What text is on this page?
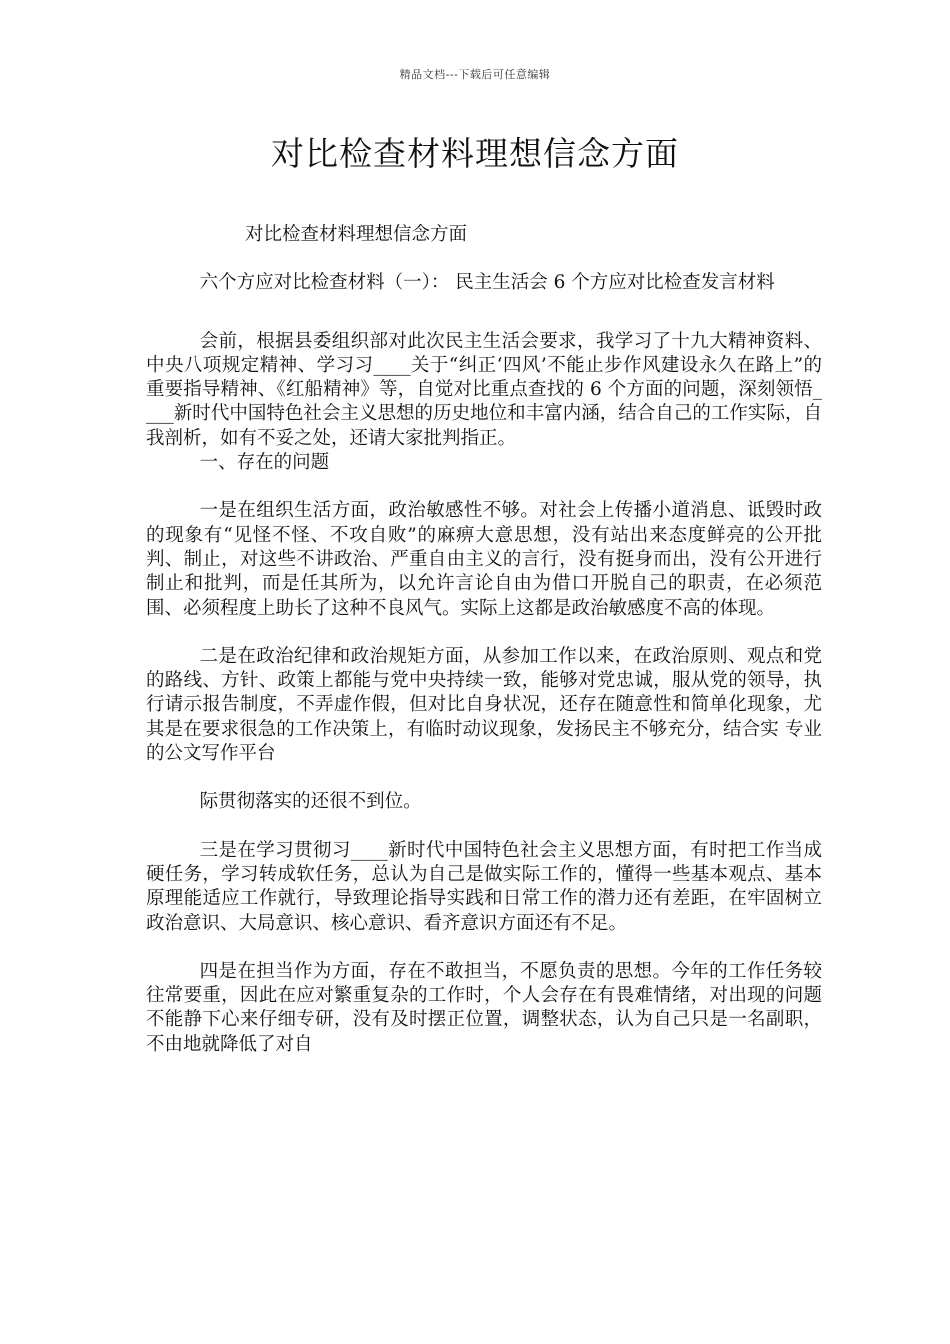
精品文档---下载后可任意编辑
对比检查材料理想信念方面

对比检查材料理想信念方面

六个方应对比检查材料（一）： 民主生活会 6 个方应对比检查发言材料

会前，根据县委组织部对此次民主生活会要求，我学习了十九大精神资料、中央八项规定精神、学习习____关于“纠正‘四风’不能止步作风建设永久在路上”的重要指导精神、《红船精神》等，自觉对比重点查找的 6 个方面的问题，深刻领悟____新时代中国特色社会主义思想的历史地位和丰富内涵，结合自己的工作实际，自我剖析，如有不妥之处，还请大家批判指正。

一、存在的问题

一是在组织生活方面，政治敏感性不够。对社会上传播小道消息、诋毁时政的现象有“见怪不怪、不攻自败”的麻痹大意思想，没有站出来态度鲜亮的公开批判、制止，对这些不讲政治、严重自由主义的言行，没有挺身而出，没有公开进行制止和批判，而是任其所为，以允许言论自由为借口开脱自己的职责，在必须范围、必须程度上助长了这种不良风气。实际上这都是政治敏感度不高的体现。

二是在政治纪律和政治规矩方面，从参加工作以来，在政治原则、观点和党的路线、方针、政策上都能与党中央持续一致，能够对党忠诚，服从党的领导，执行请示报告制度，不弄虚作假，但对比自身状况，还存在随意性和简单化现象，尤其是在要求很急的工作决策上，有临时动议现象，发扬民主不够充分，结合实 专业的公文写作平台

际贯彻落实的还很不到位。

三是在学习贯彻习____新时代中国特色社会主义思想方面，有时把工作当成硬任务，学习转成软任务，总认为自己是做实际工作的，懂得一些基本观点、基本原理能适应工作就行，导致理论指导实践和日常工作的潜力还有差距，在牢固树立政治意识、大局意识、核心意识、看齐意识方面还有不足。

四是在担当作为方面，存在不敢担当，不愿负责的思想。今年的工作任务较往常要重，因此在应对繁重复杂的工作时，个人会存在有畏难情绪，对出现的问题不能静下心来仔细专研，没有及时摆正位置，调整状态，认为自己只是一名副职，不由地就降低了对自
